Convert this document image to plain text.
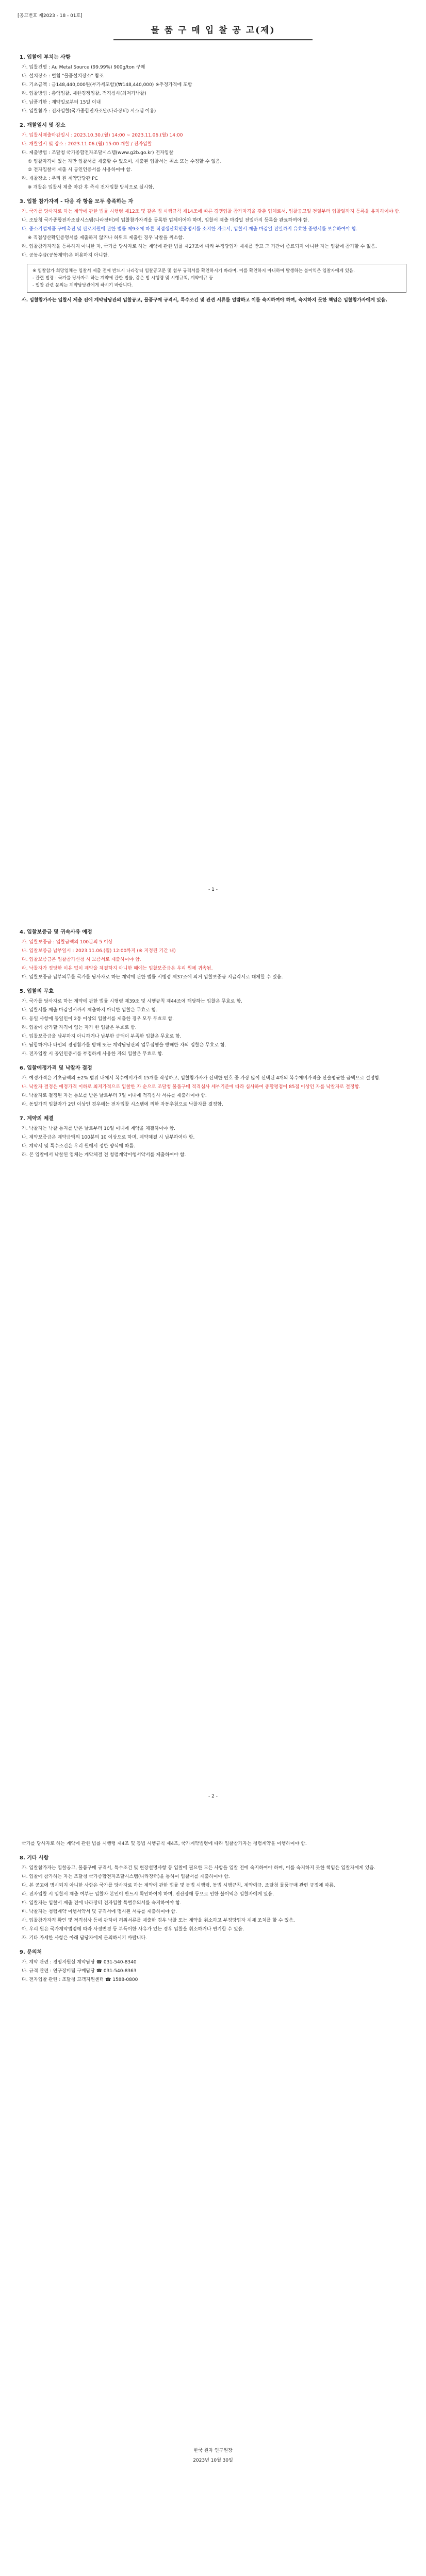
[공고번호 제2023 - 18 - 01호]
물 품 구 매 입 찰 공 고(제)
1. 입찰에 부치는 사항
가. 입찰건명 : Au Metal Source (99.99%) 900g/ton 구매
나. 설치장소 : 별첨 "물품설치장소" 참조
다. 기초금액 : 금148,440,000원(부가세포함)(₩148,440,000) ※추정가격에 포함
라. 입찰방법 : 총액입찰, 제한경쟁입찰, 적격심사(최저가낙찰)
마. 납품기한 : 계약일로부터 15일 이내
바. 입찰참가 : 전자입찰(국가종합전자조달(나라장터) 시스템 이용)
2. 개찰일시 및 장소
가. 입찰서제출마감일시 : 2023.10.30.(월) 14:00 ~ 2023.11.06.(월) 14:00
나. 개찰일시 및 장소 : 2023.11.06.(월) 15:00 개찰 / 전자입찰
다. 제출방법 : 조달청 국가종합전자조달시스템(www.g2b.go.kr) 전자입찰
① 입찰자격이 있는 자만 입찰서를 제출할 수 있으며, 제출된 입찰서는 취소 또는 수정할 수 없음.
② 전자입찰서 제출 시 공인인증서를 사용하여야 함.
라. 개찰장소 : 우리 원 계약담당관 PC
※ 개찰은 입찰서 제출 마감 후 즉시 전자입찰 방식으로 실시함.
3. 입찰 참가자격 - 다음 각 항을 모두 충족하는 자
가. 국가를 당사자로 하는 계약에 관한 법률 시행령 제12조 및 같은 법 시행규칙 제14조에 따른 경쟁입찰 참가자격을 갖춘 업체로서, 입찰공고일 전일부터 입찰일까지 등록을 유지하여야 함.
나. 조달청 국가종합전자조달시스템(나라장터)에 입찰참가자격을 등록한 업체이어야 하며, 입찰서 제출 마감일 전일까지 등록을 완료하여야 함.
다. 중소기업제품 구매촉진 및 판로지원에 관한 법률 제9조에 따른 직접생산확인증명서를 소지한 자로서, 입찰서 제출 마감일 전일까지 유효한 증명서를 보유하여야 함.
※ 직접생산확인증명서를 제출하지 않거나 허위로 제출한 경우 낙찰을 취소함.
라. 입찰참가자격을 등록하지 아니한 자, 국가를 당사자로 하는 계약에 관한 법률 제27조에 따라 부정당업자 제재를 받고 그 기간이 종료되지 아니한 자는 입찰에 참가할 수 없음.
마. 공동수급(공동계약)은 허용하지 아니함.
※ 입찰참가 희망업체는 입찰서 제출 전에 반드시 나라장터 입찰공고문 및 첨부 규격서를 확인하시기 바라며, 이를 확인하지 아니하여 발생하는 불이익은 입찰자에게 있음.
- 관련 법령 : 국가를 당사자로 하는 계약에 관한 법률, 같은 법 시행령 및 시행규칙, 계약예규 등
- 입찰 관련 문의는 계약담당관에게 하시기 바랍니다.
사. 입찰참가자는 입찰서 제출 전에 계약담당관의 입찰공고, 물품구매 규격서, 특수조건 및 관련 서류를 열람하고 이를 숙지하여야 하며, 숙지하지 못한 책임은 입찰참가자에게 있음.
- 1 -
4. 입찰보증금 및 귀속사유 예정
가. 입찰보증금 : 입찰금액의 100분의 5 이상
나. 입찰보증금 납부일시 : 2023.11.06.(월) 12:00까지 (※ 지정된 기간 내)
다. 입찰보증금은 입찰참가신청 시 보증서로 제출하여야 함.
라. 낙찰자가 정당한 이유 없이 계약을 체결하지 아니한 때에는 입찰보증금은 우리 원에 귀속됨.
마. 입찰보증금 납부의무를 국가를 당사자로 하는 계약에 관한 법률 시행령 제37조에 의거 입찰보증금 지급각서로 대체할 수 있음.
5. 입찰의 무효
가. 국가를 당사자로 하는 계약에 관한 법률 시행령 제39조 및 시행규칙 제44조에 해당하는 입찰은 무효로 함.
나. 입찰서를 제출 마감일시까지 제출하지 아니한 입찰은 무효로 함.
다. 동일 사항에 동일인이 2통 이상의 입찰서를 제출한 경우 모두 무효로 함.
라. 입찰에 참가할 자격이 없는 자가 한 입찰은 무효로 함.
마. 입찰보증금을 납부하지 아니하거나 납부한 금액이 부족한 입찰은 무효로 함.
바. 담합하거나 타인의 경쟁참가를 방해 또는 계약담당관의 업무집행을 방해한 자의 입찰은 무효로 함.
사. 전자입찰 시 공인인증서를 부정하게 사용한 자의 입찰은 무효로 함.
6. 입찰예정가격 및 낙찰자 결정
가. 예정가격은 기초금액의 ±2% 범위 내에서 복수예비가격 15개를 작성하고, 입찰참가자가 선택한 번호 중 가장 많이 선택된 4개의 복수예비가격을 산술평균한 금액으로 결정함.
나. 낙찰자 결정은 예정가격 이하로 최저가격으로 입찰한 자 순으로 조달청 물품구매 적격심사 세부기준에 따라 심사하여 종합평점이 85점 이상인 자를 낙찰자로 결정함.
다. 낙찰자로 결정된 자는 통보를 받은 날로부터 7일 이내에 적격심사 서류를 제출하여야 함.
라. 동일가격 입찰자가 2인 이상인 경우에는 전자입찰 시스템에 의한 자동추첨으로 낙찰자를 결정함.
7. 계약의 체결
가. 낙찰자는 낙찰 통지를 받은 날로부터 10일 이내에 계약을 체결하여야 함.
나. 계약보증금은 계약금액의 100분의 10 이상으로 하며, 계약체결 시 납부하여야 함.
다. 계약서 및 특수조건은 우리 원에서 정한 양식에 따름.
라. 본 입찰에서 낙찰된 업체는 계약체결 전 청렴계약이행서약서를 제출하여야 함.
- 2 -
국가를 당사자로 하는 계약에 관한 법률 시행령 제4조 및 동법 시행규칙 제4조, 국가계약법령에 따라 입찰참가자는 청렴계약을 이행하여야 함.
8. 기타 사항
가. 입찰참가자는 입찰공고, 물품구매 규격서, 특수조건 및 현장설명사항 등 입찰에 필요한 모든 사항을 입찰 전에 숙지하여야 하며, 이를 숙지하지 못한 책임은 입찰자에게 있음.
나. 입찰에 참가하는 자는 조달청 국가종합전자조달시스템(나라장터)을 통하여 입찰서를 제출하여야 함.
다. 본 공고에 명시되지 아니한 사항은 국가를 당사자로 하는 계약에 관한 법률 및 동법 시행령, 동법 시행규칙, 계약예규, 조달청 물품구매 관련 규정에 따름.
라. 전자입찰 시 입찰서 제출 여부는 입찰자 본인이 반드시 확인하여야 하며, 전산장애 등으로 인한 불이익은 입찰자에게 있음.
마. 입찰자는 입찰서 제출 전에 나라장터 전자입찰 특별유의서를 숙지하여야 함.
바. 낙찰자는 청렴계약 이행서약서 및 규격서에 명시된 서류를 제출하여야 함.
사. 입찰참가자격 확인 및 적격심사 등에 관하여 허위서류를 제출한 경우 낙찰 또는 계약을 취소하고 부정당업자 제재 조치를 할 수 있음.
아. 우리 원은 국가계약법령에 따라 사정변경 등 부득이한 사유가 있는 경우 입찰을 취소하거나 연기할 수 있음.
자. 기타 자세한 사항은 아래 담당자에게 문의하시기 바랍니다.
9. 문의처
가. 계약 관련 : 경영지원실 계약담당 ☎ 031-540-8340
나. 규격 관련 : 연구장비팀 구매담당 ☎ 031-540-8363
다. 전자입찰 관련 : 조달청 고객지원센터 ☎ 1588-0800
한국 원자 연구원장
2023년 10월 30일
